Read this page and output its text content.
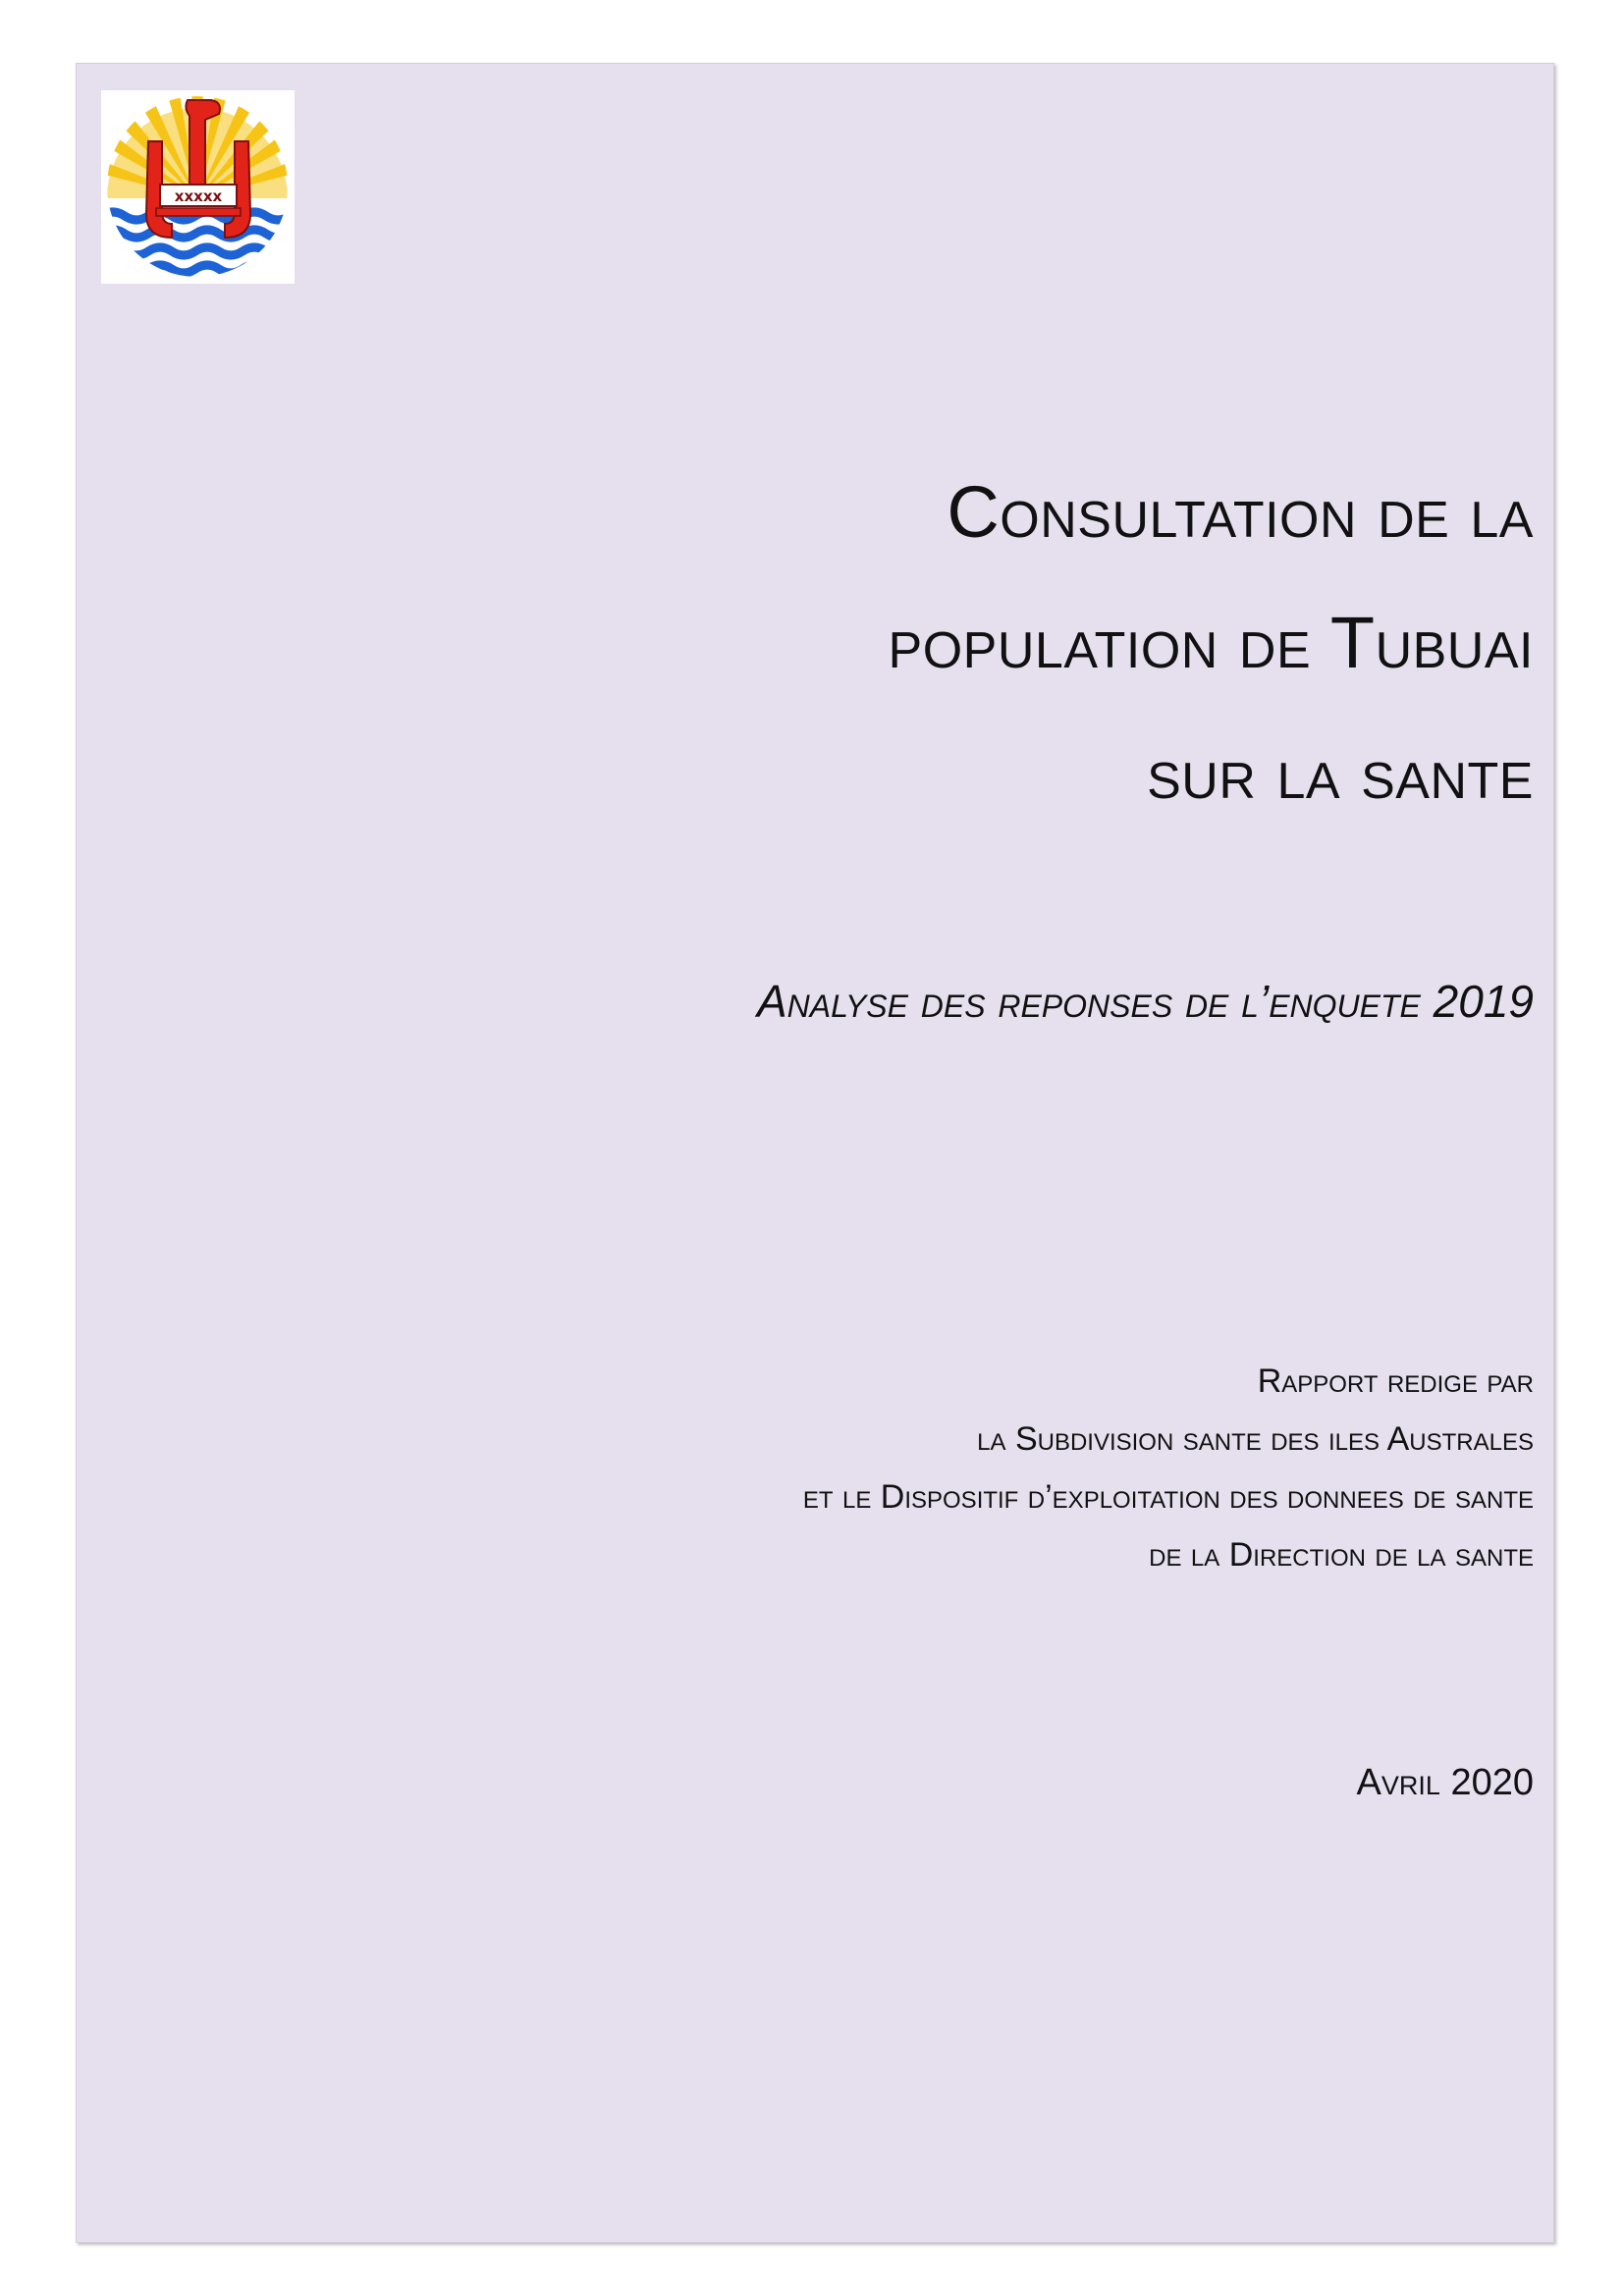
xxxxx
Consultation de la
population de Tubuai
sur la sante
Analyse des reponses de l’enquete 2019
Rapport redige par
la Subdivision sante des iles Australes
et le Dispositif d’exploitation des donnees de sante
de la Direction de la sante
Avril 2020
